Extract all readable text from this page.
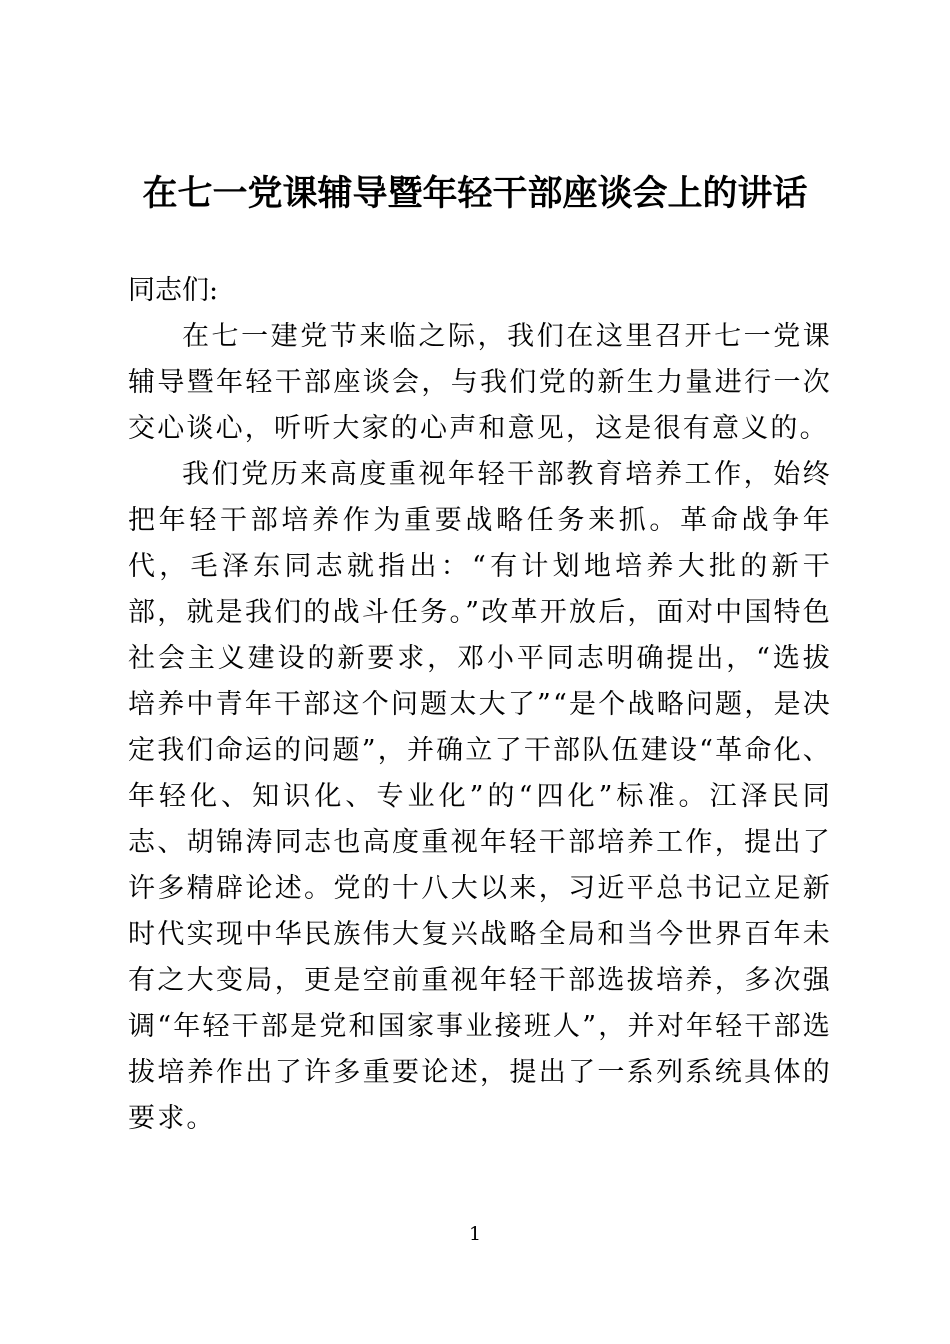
在七一党课辅导暨年轻干部座谈会上的讲话

同志们:

在七一建党节来临之际，我们在这里召开七一党课辅导暨年轻干部座谈会，与我们党的新生力量进行一次交心谈心，听听大家的心声和意见，这是很有意义的。

我们党历来高度重视年轻干部教育培养工作，始终把年轻干部培养作为重要战略任务来抓。革命战争年代，毛泽东同志就指出：“有计划地培养大批的新干部，就是我们的战斗任务。”改革开放后，面对中国特色社会主义建设的新要求，邓小平同志明确提出，“选拔培养中青年干部这个问题太大了”“是个战略问题，是决定我们命运的问题”，并确立了干部队伍建设“革命化、年轻化、知识化、专业化”的“四化”标准。江泽民同志、胡锦涛同志也高度重视年轻干部培养工作，提出了许多精辟论述。党的十八大以来，习近平总书记立足新时代实现中华民族伟大复兴战略全局和当今世界百年未有之大变局，更是空前重视年轻干部选拔培养，多次强调“年轻干部是党和国家事业接班人”，并对年轻干部选拔培养作出了许多重要论述，提出了一系列系统具体的要求。

1
